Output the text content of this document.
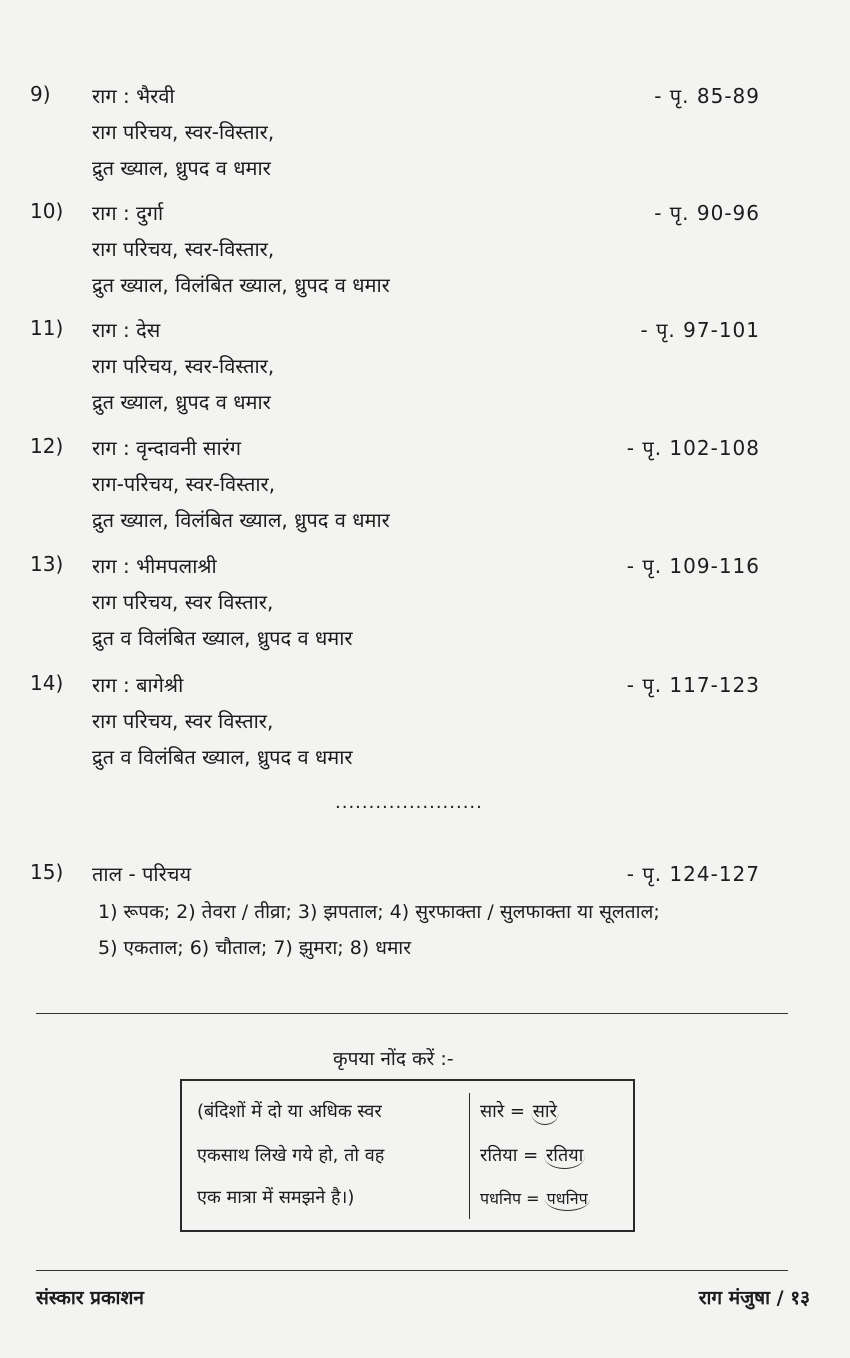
9) राग : भैरवी	- पृ. 85-89
राग परिचय, स्वर-विस्तार,
द्रुत ख्याल, ध्रुपद व धमार
10) राग : दुर्गा	- पृ. 90-96
राग परिचय, स्वर-विस्तार,
द्रुत ख्याल, विलंबित ख्याल, ध्रुपद व धमार
11) राग : देस	- पृ. 97-101
राग परिचय, स्वर-विस्तार,
द्रुत ख्याल, ध्रुपद व धमार
12) राग : वृन्दावनी सारंग	- पृ. 102-108
राग-परिचय, स्वर-विस्तार,
द्रुत ख्याल, विलंबित ख्याल, ध्रुपद व धमार
13) राग : भीमपलाश्री	- पृ. 109-116
राग परिचय, स्वर विस्तार,
द्रुत व विलंबित ख्याल, ध्रुपद व धमार
14) राग : बागेश्री	- पृ. 117-123
राग परिचय, स्वर विस्तार,
द्रुत व विलंबित ख्याल, ध्रुपद व धमार
......................
15) ताल - परिचय	- पृ. 124-127
1) रूपक; 2) तेवरा / तीव्रा; 3) झपताल; 4) सुरफाक्ता / सुलफाक्ता या सूलताल;
5) एकताल; 6) चौताल; 7) झुमरा; 8) धमार
कृपया नोंद करें :-
(बंदिशों में दो या अधिक स्वर
एकसाथ लिखे गये हो, तो वह
एक मात्रा में समझने है।)
सारे = सारे
रतिया = रतिया
पधनिप = पधनिप
संस्कार प्रकाशन	राग मंजुषा / १३
